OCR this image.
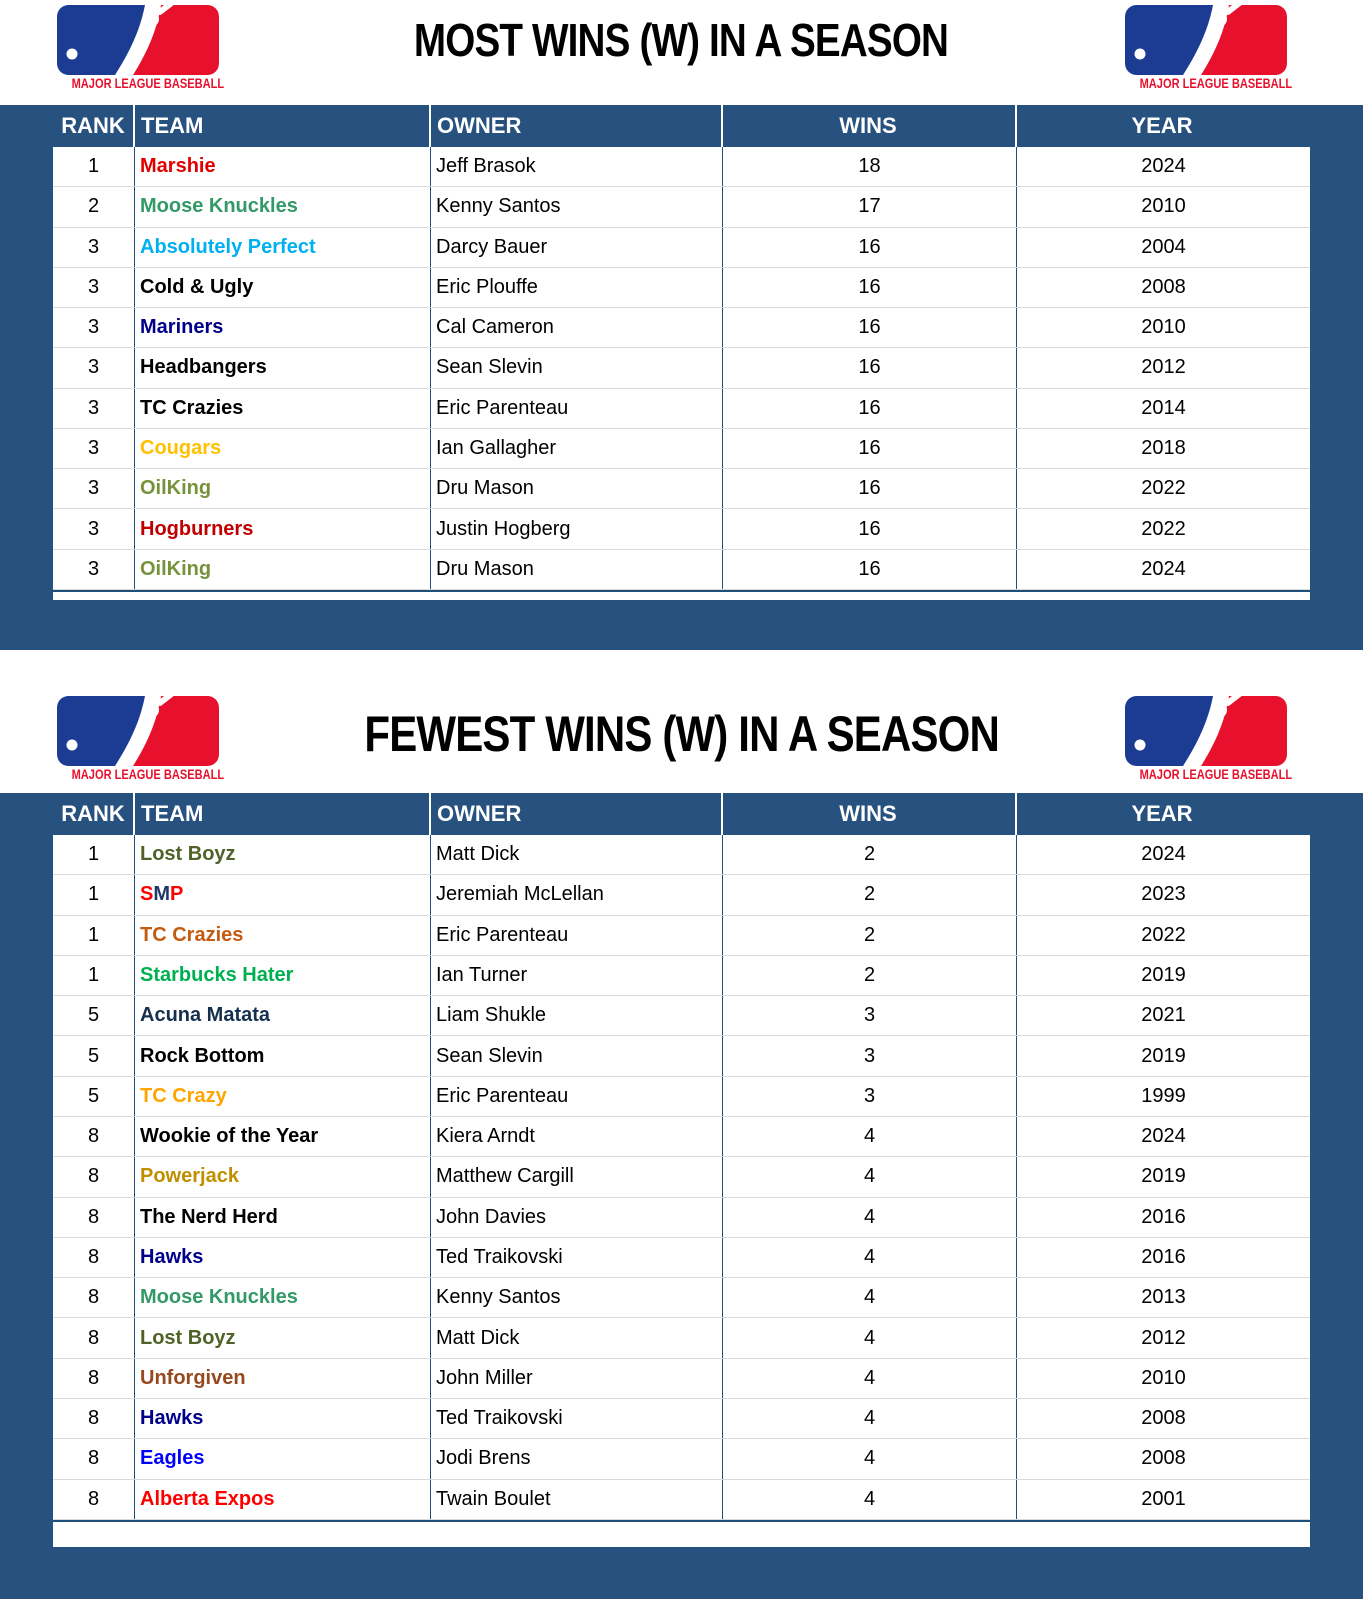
MAJOR LEAGUE BASEBALL
MOST WINS (W) IN A SEASON
MAJOR LEAGUE BASEBALL
RANK TEAM	OWNER	WINS	YEAR
1	Marshie	Jeff Brasok	18	2024
2	Moose Knuckles	Kenny Santos	17	2010
3	Absolutely Perfect	Darcy Bauer	16	2004
3	Cold & Ugly	Eric Plouffe	16	2008
3	Mariners	Cal Cameron	16	2010
3	Headbangers	Sean Slevin	16	2012
3	TC Crazies	Eric Parenteau	16	2014
3	Cougars	Ian Gallagher	16	2018
3	OilKing	Dru Mason	16	2022
3	Hogburners	Justin Hogberg	16	2022
3	OilKing	Dru Mason	16	2024
MAJOR LEAGUE BASEBALL
FEWEST WINS (W) IN A SEASON
MAJOR LEAGUE BASEBALL
RANK TEAM	OWNER	WINS	YEAR
1	Lost Boyz	Matt Dick	2	2024
1	S M P	Jeremiah McLellan	2	2023
1	TC Crazies	Eric Parenteau	2	2022
1	Starbucks Hater	Ian Turner	2	2019
5	Acuna Matata	Liam Shukle	3	2021
5	Rock Bottom	Sean Slevin	3	2019
5	TC Crazy	Eric Parenteau	3	1999
8	Wookie of the Year	Kiera Arndt	4	2024
8	Powerjack	Matthew Cargill	4	2019
8	The Nerd Herd	John Davies	4	2016
8	Hawks	Ted Traikovski	4	2016
8	Moose Knuckles	Kenny Santos	4	2013
8	Lost Boyz	Matt Dick	4	2012
8	Unforgiven	John Miller	4	2010
8	Hawks	Ted Traikovski	4	2008
8	Eagles	Jodi Brens	4	2008
8	Alberta Expos	Twain Boulet	4	2001
